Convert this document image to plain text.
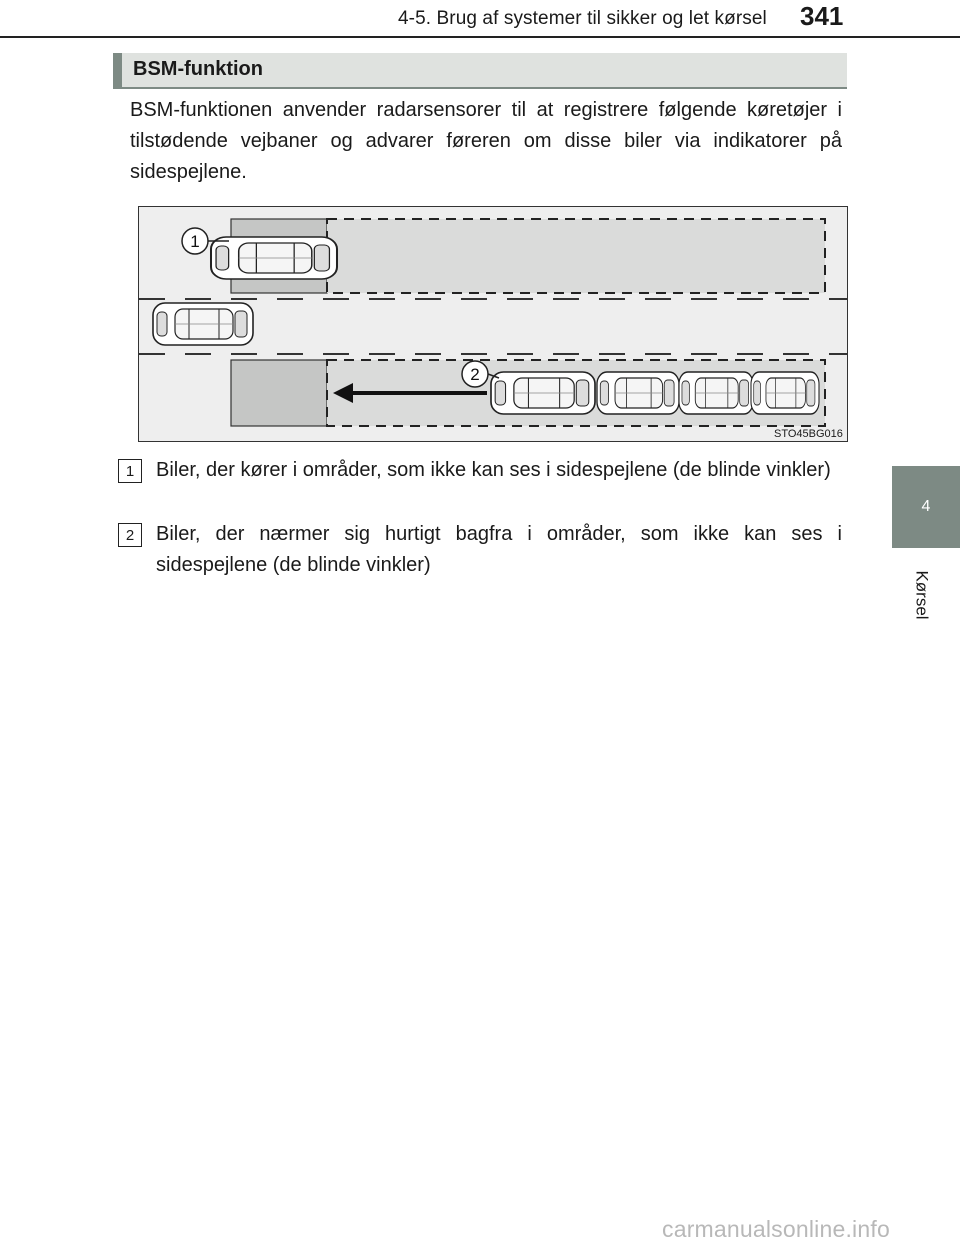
4-5. Brug af systemer til sikker og let kørsel 341
4
Kørsel
BSM-funktion

BSM-funktionen anvender radarsensorer til at registrere følgende køretøjer i tilstødende vejbaner og advarer føreren om disse biler via indikatorer på sidespejlene.

1
2
STO45BG016
1	Biler, der kører i områder, som ikke kan ses i sidespejlene (de blinde vinkler)

2	Biler, der nærmer sig hurtigt bagfra i områder, som ikke kan ses i sidespejlene (de blinde vinkler)

carmanualsonline.info
